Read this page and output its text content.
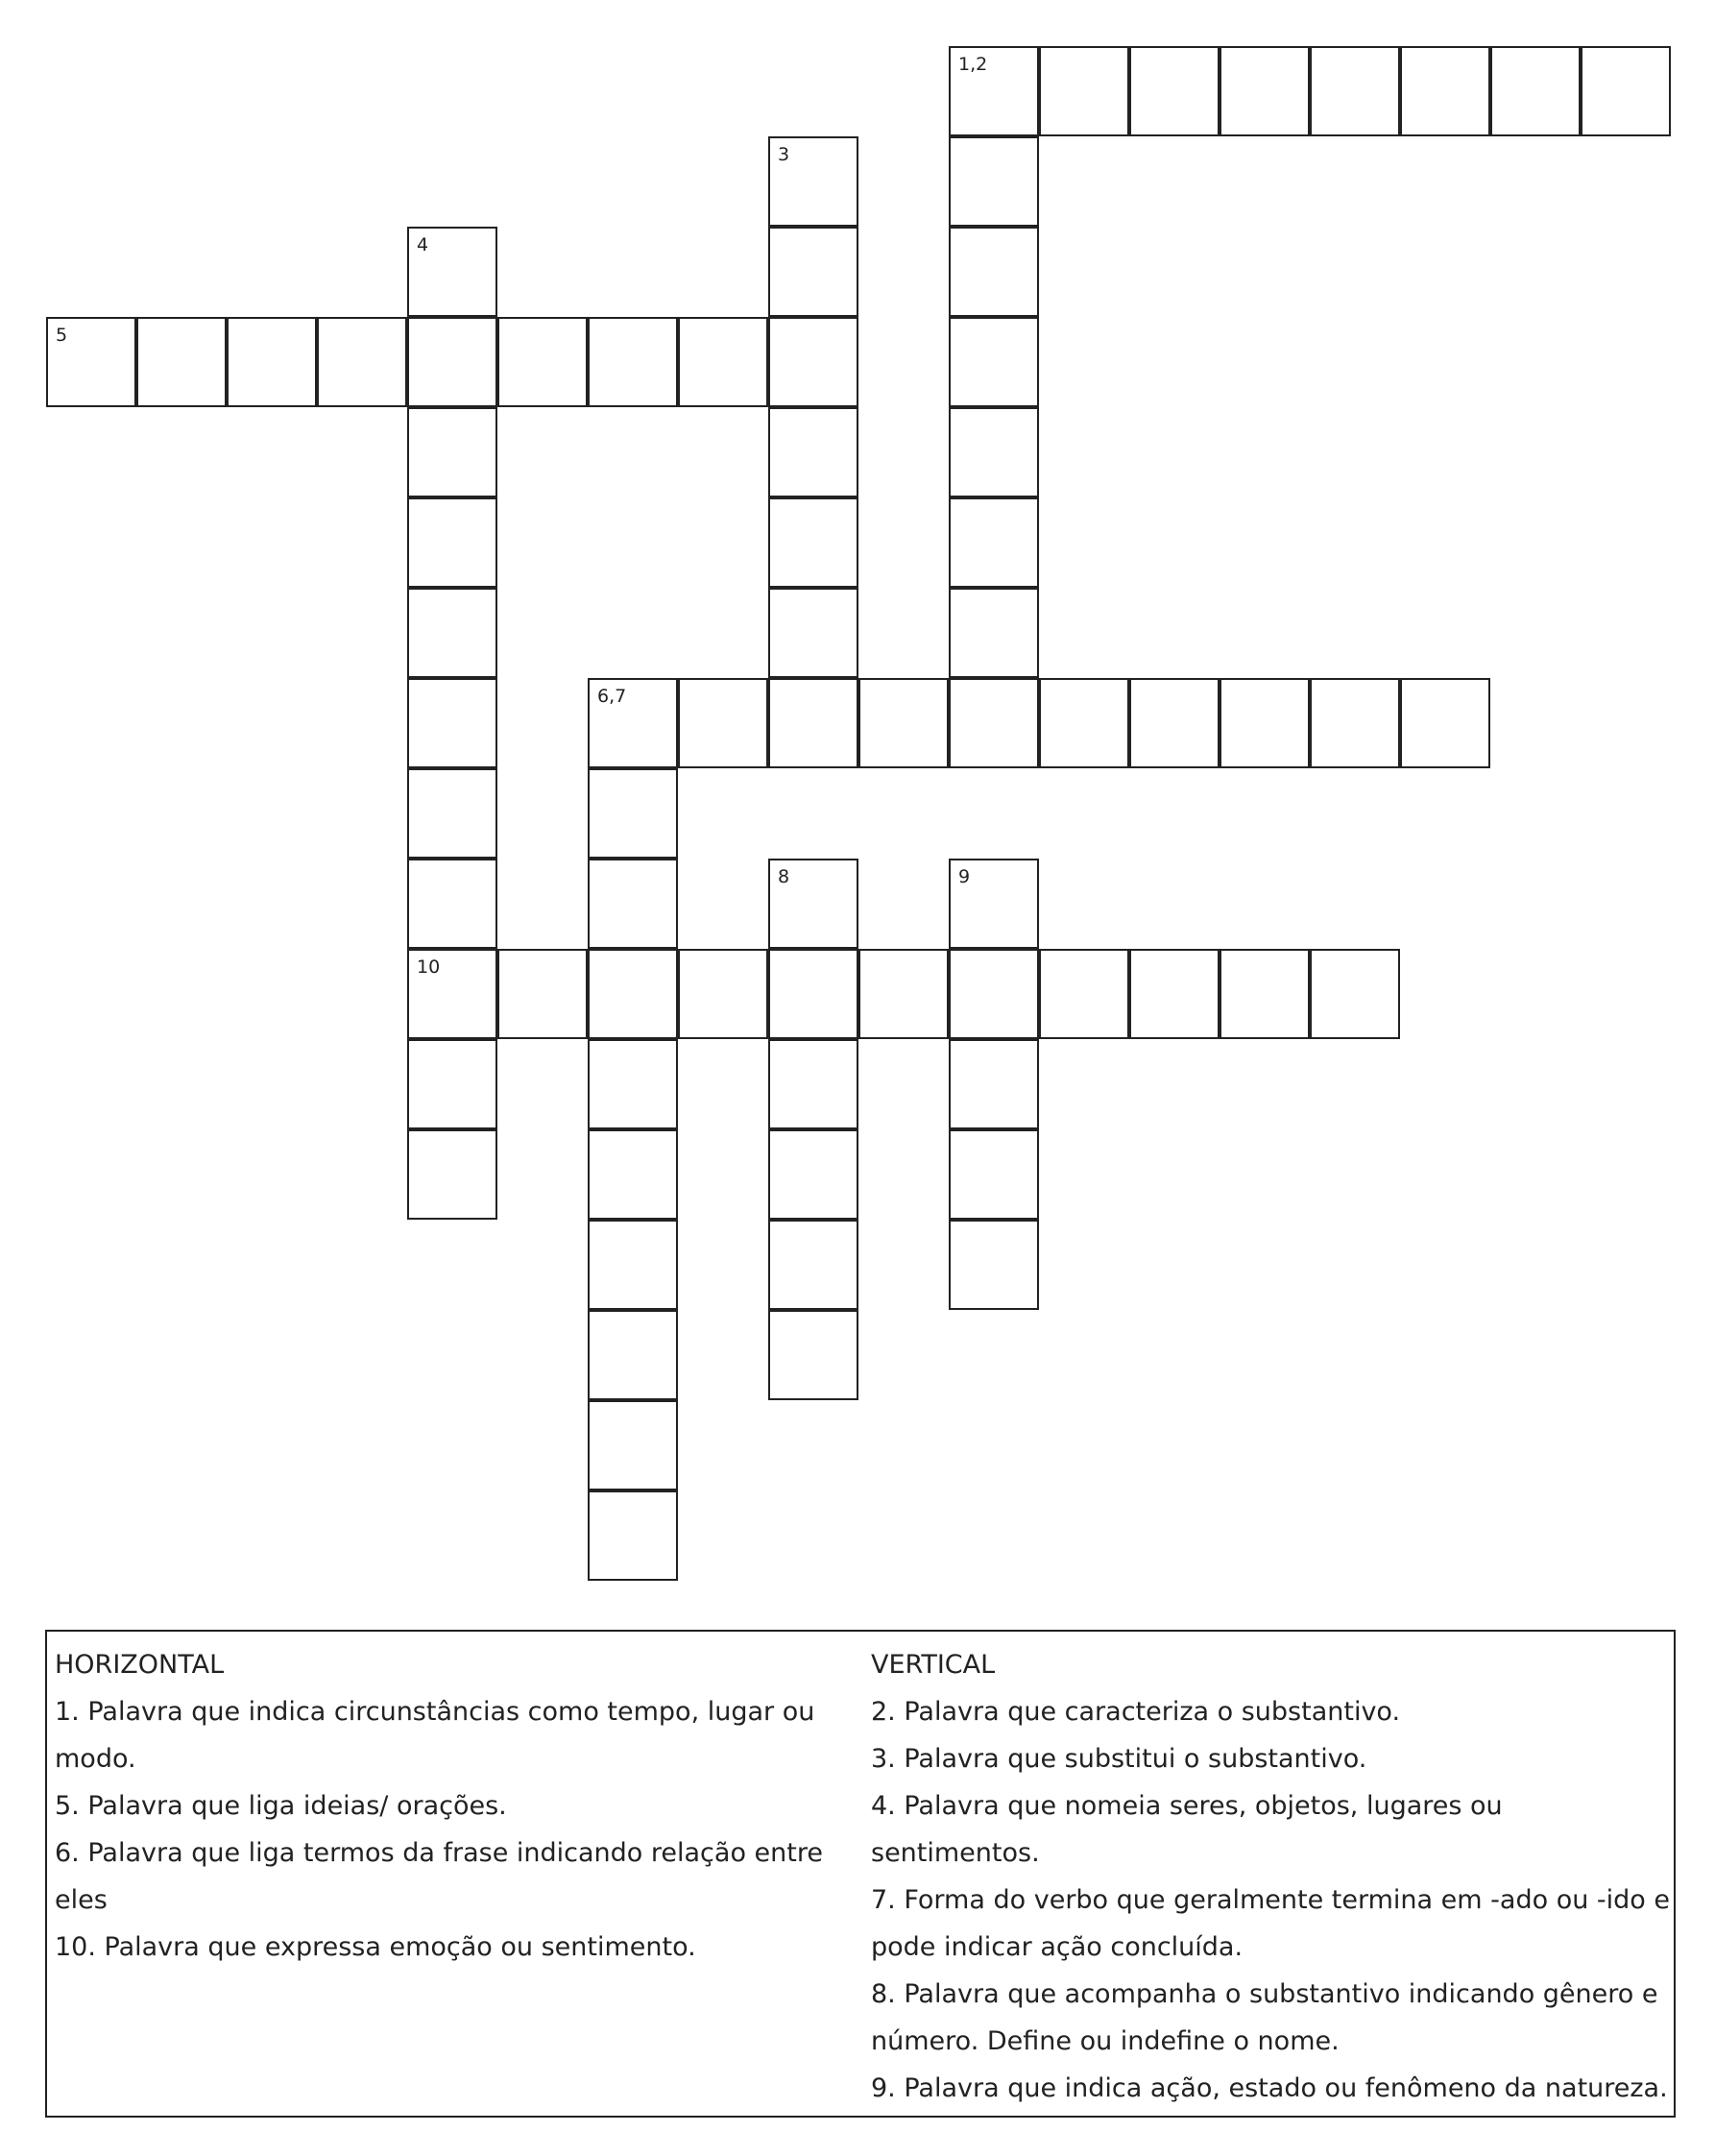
1,2
3
4
5
6,7
8	9
10
HORIZONTAL
1. Palavra que indica circunstâncias como tempo, lugar ou
modo.
5. Palavra que liga ideias/ orações.
6. Palavra que liga termos da frase indicando relação entre
eles
10. Palavra que expressa emoção ou sentimento.
VERTICAL
2. Palavra que caracteriza o substantivo.
3. Palavra que substitui o substantivo.
4. Palavra que nomeia seres, objetos, lugares ou sentimentos.
7. Forma do verbo que geralmente termina em -ado ou -ido e
pode indicar ação concluída.
8. Palavra que acompanha o substantivo indicando gênero e
número. Define ou indefine o nome.
9. Palavra que indica ação, estado ou fenômeno da natureza.
